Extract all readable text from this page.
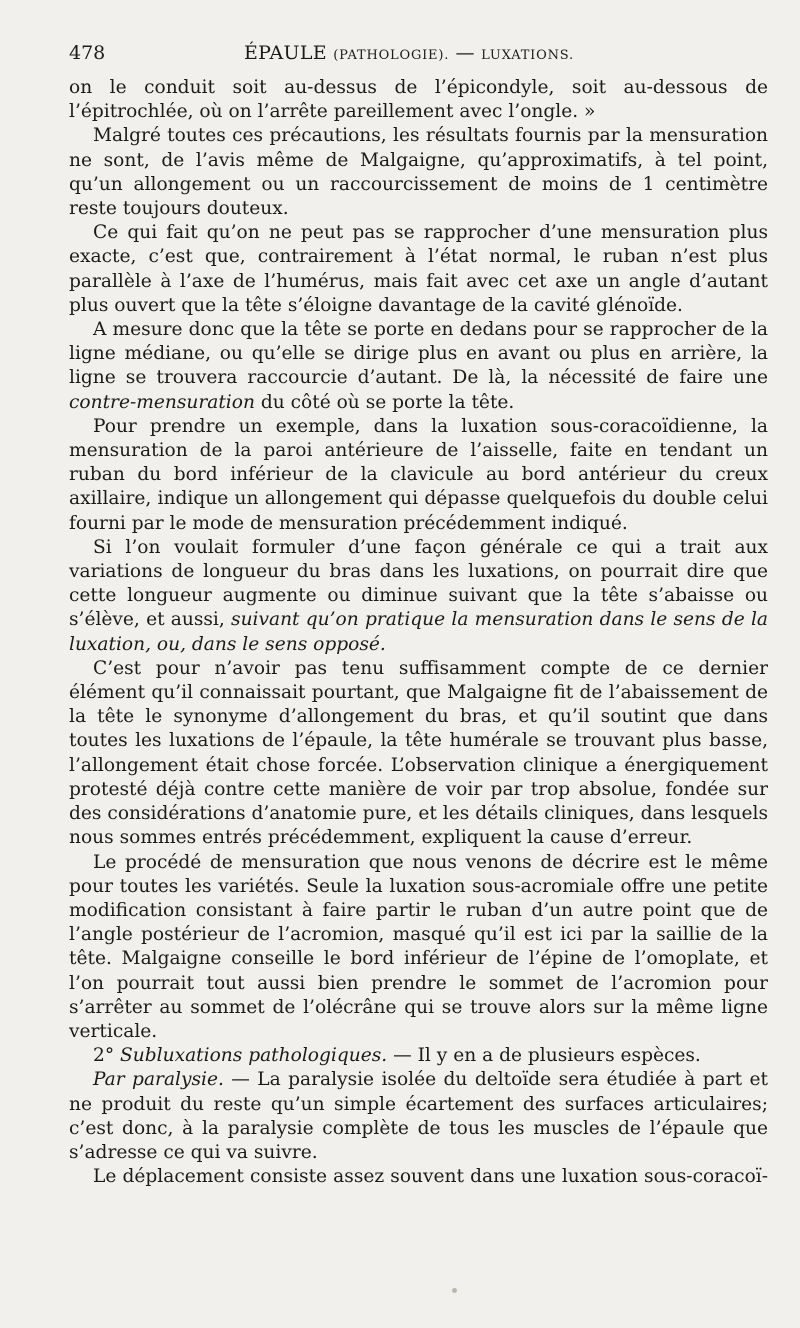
478	ÉPAULE (PATHOLOGIE). — LUXATIONS.

on le conduit soit au-dessus de l’épicondyle, soit au-dessous de l’épitrochlée, où on l’arrête pareillement avec l’ongle. »

Malgré toutes ces précautions, les résultats fournis par la mensuration ne sont, de l’avis même de Malgaigne, qu’approximatifs, à tel point, qu’un allongement ou un raccourcissement de moins de 1 centimètre reste toujours douteux.

Ce qui fait qu’on ne peut pas se rapprocher d’une mensuration plus exacte, c’est que, contrairement à l’état normal, le ruban n’est plus parallèle à l’axe de l’humérus, mais fait avec cet axe un angle d’autant plus ouvert que la tête s’éloigne davantage de la cavité glénoïde.

A mesure donc que la tête se porte en dedans pour se rapprocher de la ligne médiane, ou qu’elle se dirige plus en avant ou plus en arrière, la ligne se trouvera raccourcie d’autant. De là, la nécessité de faire une contre-mensuration du côté où se porte la tête.

Pour prendre un exemple, dans la luxation sous-coracoïdienne, la mensuration de la paroi antérieure de l’aisselle, faite en tendant un ruban du bord inférieur de la clavicule au bord antérieur du creux axillaire, indique un allongement qui dépasse quelquefois du double celui fourni par le mode de mensuration précédemment indiqué.

Si l’on voulait formuler d’une façon générale ce qui a trait aux variations de longueur du bras dans les luxations, on pourrait dire que cette longueur augmente ou diminue suivant que la tête s’abaisse ou s’élève, et aussi, suivant qu’on pratique la mensuration dans le sens de la luxation, ou, dans le sens opposé.

C’est pour n’avoir pas tenu suffisamment compte de ce dernier élément qu’il connaissait pourtant, que Malgaigne fit de l’abaissement de la tête le synonyme d’allongement du bras, et qu’il soutint que dans toutes les luxations de l’épaule, la tête humérale se trouvant plus basse, l’allongement était chose forcée. L’observation clinique a énergiquement protesté déjà contre cette manière de voir par trop absolue, fondée sur des considérations d’anatomie pure, et les détails cliniques, dans lesquels nous sommes entrés précédemment, expliquent la cause d’erreur.

Le procédé de mensuration que nous venons de décrire est le même pour toutes les variétés. Seule la luxation sous-acromiale offre une petite modification consistant à faire partir le ruban d’un autre point que de l’angle postérieur de l’acromion, masqué qu’il est ici par la saillie de la tête. Malgaigne conseille le bord inférieur de l’épine de l’omoplate, et l’on pourrait tout aussi bien prendre le sommet de l’acromion pour s’arrêter au sommet de l’olécrâne qui se trouve alors sur la même ligne verticale.

2° Subluxations pathologiques. — Il y en a de plusieurs espèces.

Par paralysie. — La paralysie isolée du deltoïde sera étudiée à part et ne produit du reste qu’un simple écartement des surfaces articulaires; c’est donc, à la paralysie complète de tous les muscles de l’épaule que s’adresse ce qui va suivre.

Le déplacement consiste assez souvent dans une luxation sous-coracoï-
